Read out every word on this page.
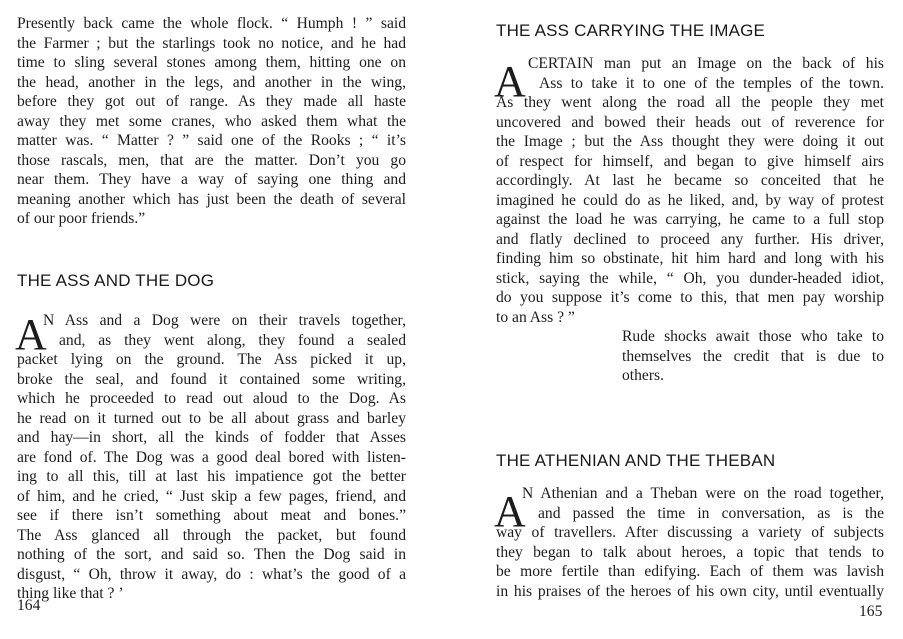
Presently back came the whole flock. “ Humph ! ” said
the Farmer ; but the starlings took no notice, and he had
time to sling several stones among them, hitting one on
the head, another in the legs, and another in the wing,
before they got out of range. As they made all haste
away they met some cranes, who asked them what the
matter was. “ Matter ? ” said one of the Rooks ; “ it’s
those rascals, men, that are the matter. Don’t you go
near them. They have a way of saying one thing and
meaning another which has just been the death of several
of our poor friends.”
THE ASS AND THE DOG
A
N Ass and a Dog were on their travels together,
and, as they went along, they found a sealed
packet lying on the ground. The Ass picked it up,
broke the seal, and found it contained some writing,
which he proceeded to read out aloud to the Dog. As
he read on it turned out to be all about grass and barley
and hay—in short, all the kinds of fodder that Asses
are fond of. The Dog was a good deal bored with listen-
ing to all this, till at last his impatience got the better
of him, and he cried, “ Just skip a few pages, friend, and
see if there isn’t something about meat and bones.”
The Ass glanced all through the packet, but found
nothing of the sort, and said so. Then the Dog said in
disgust, “ Oh, throw it away, do : what’s the good of a
thing like that ? ’
164
THE ASS CARRYING THE IMAGE
A CERTAIN man put an Image on the back of his
Ass to take it to one of the temples of the town.
As they went along the road all the people they met
uncovered and bowed their heads out of reverence for
the Image ; but the Ass thought they were doing it out
of respect for himself, and began to give himself airs
accordingly. At last he became so conceited that he
imagined he could do as he liked, and, by way of protest
against the load he was carrying, he came to a full stop
and flatly declined to proceed any further. His driver,
finding him so obstinate, hit him hard and long with his
stick, saying the while, “ Oh, you dunder-headed idiot,
do you suppose it’s come to this, that men pay worship
to an Ass ? ”
Rude shocks await those who take to
themselves the credit that is due to
others.
THE ATHENIAN AND THE THEBAN
A
N Athenian and a Theban were on the road together,
and passed the time in conversation, as is the
way of travellers. After discussing a variety of subjects
they began to talk about heroes, a topic that tends to
be more fertile than edifying. Each of them was lavish
in his praises of the heroes of his own city, until eventually
165
